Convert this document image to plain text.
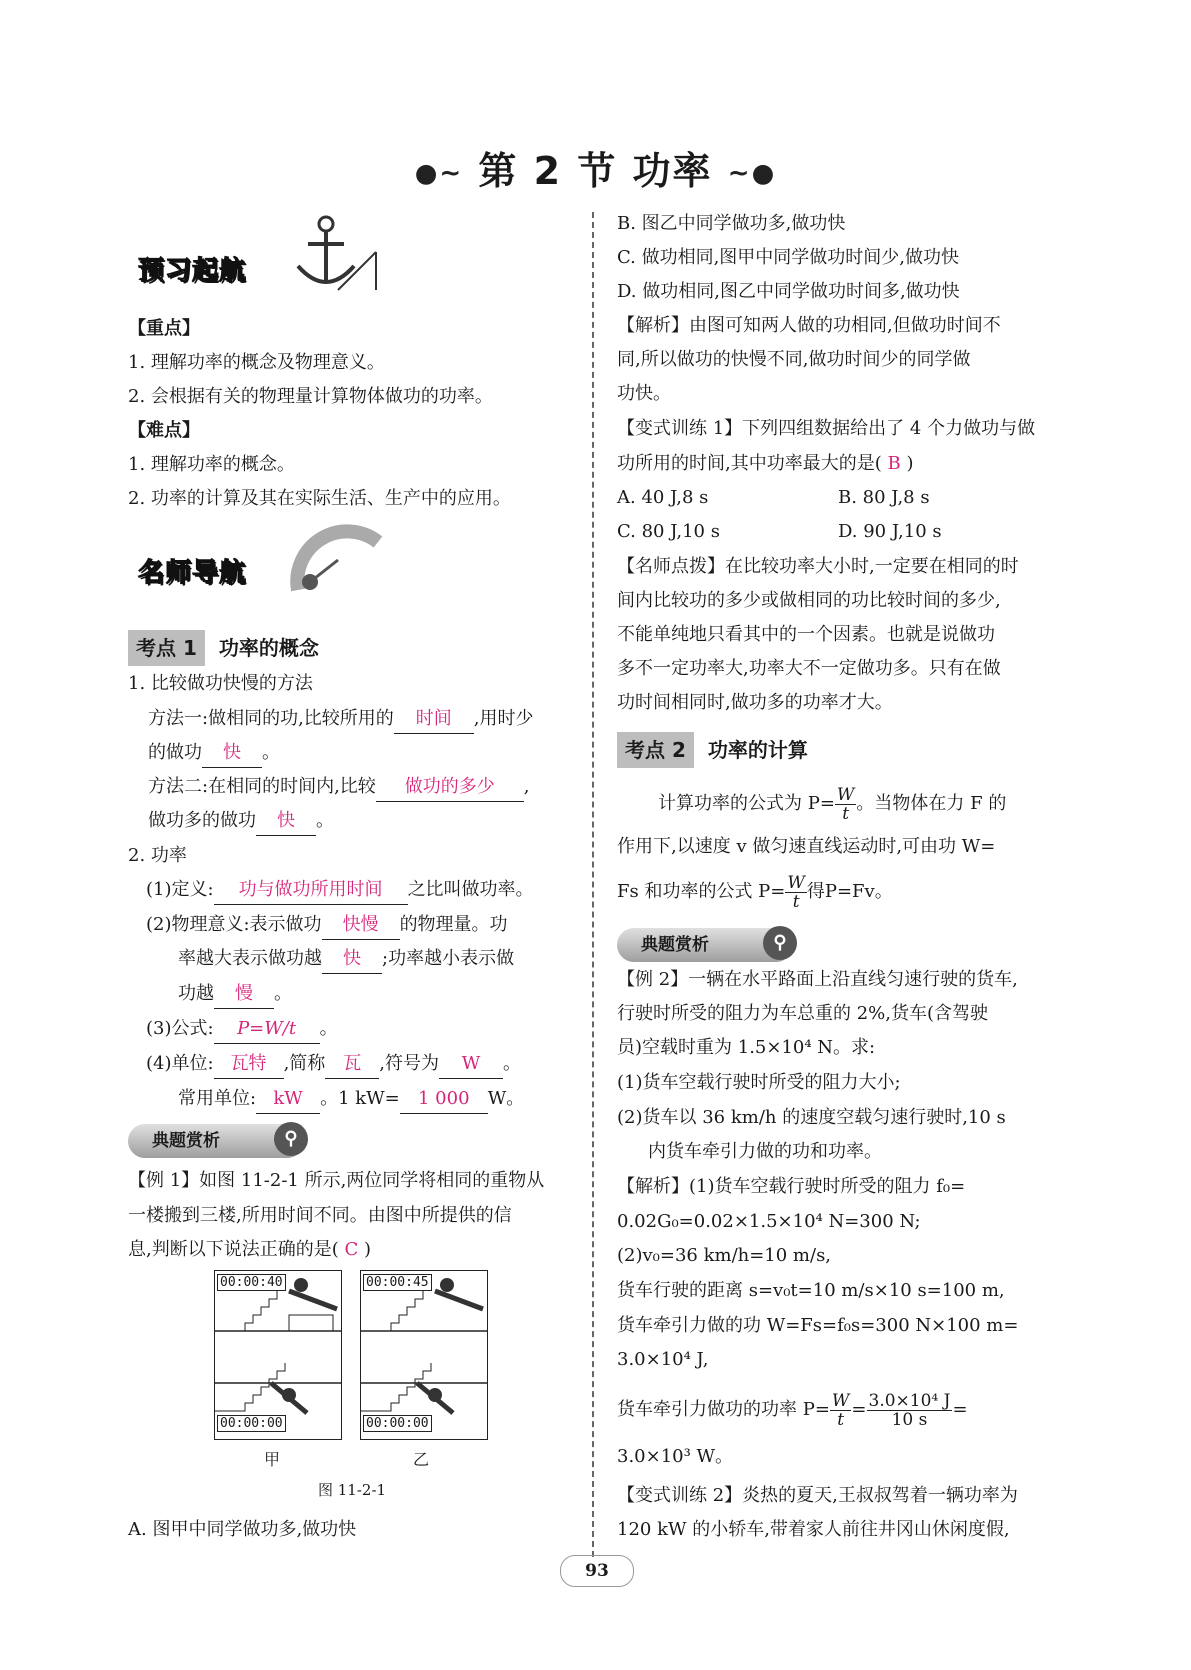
●~ 第 2 节 功率 ~●
预习起航
【重点】
1. 理解功率的概念及物理意义。
2. 会根据有关的物理量计算物体做功的功率。
【难点】
1. 理解功率的概念。
2. 功率的计算及其在实际生活、生产中的应用。
名师导航
考点 1 功率的概念
1. 比较做功快慢的方法
方法一:做相同的功,比较所用的 时间 ,用时少
的做功 快 。
方法二:在相同的时间内,比较 做功的多少 ,
做功多的做功 快 。
2. 功率
(1)定义: 功与做功所用时间 之比叫做功率。
(2)物理意义:表示做功 快慢 的物理量。功
率越大表示做功越 快 ;功率越小表示做
功越 慢 。
(3)公式: P=W/t 。
(4)单位: 瓦特 ,简称 瓦 ,符号为 W 。
常用单位: kW 。1 kW= 1 000 W。
典题赏析	⚲
【例 1】如图 11-2-1 所示,两位同学将相同的重物从
一楼搬到三楼,所用时间不同。由图中所提供的信
息,判断以下说法正确的是( C )
00:00:40
00:00:00
00:00:45
00:00:00
甲	乙
图 11-2-1
A. 图甲中同学做功多,做功快
B. 图乙中同学做功多,做功快
C. 做功相同,图甲中同学做功时间少,做功快
D. 做功相同,图乙中同学做功时间多,做功快
【解析】由图可知两人做的功相同,但做功时间不
同,所以做功的快慢不同,做功时间少的同学做
功快。
【变式训练 1】下列四组数据给出了 4 个力做功与做
功所用的时间,其中功率最大的是( B )
A. 40 J,8 s	B. 80 J,8 s
C. 80 J,10 s	D. 90 J,10 s
【名师点拨】在比较功率大小时,一定要在相同的时
间内比较功的多少或做相同的功比较时间的多少,
不能单纯地只看其中的一个因素。也就是说做功
多不一定功率大,功率大不一定做功多。只有在做
功时间相同时,做功多的功率才大。
考点 2 功率的计算
计算功率的公式为 $P= \frac{W}{t}$ 。当物体在力 F 的
作用下,以速度 v 做匀速直线运动时,可由功 W=
Fs 和功率的公式 $P= \frac{W}{t}$ 得P=Fv。
典题赏析	⚲
【例 2】一辆在水平路面上沿直线匀速行驶的货车,
行驶时所受的阻力为车总重的 2%,货车(含驾驶
员)空载时重为 1.5×10⁴ N。求:
(1)货车空载行驶时所受的阻力大小;
(2)货车以 36 km/h 的速度空载匀速行驶时,10 s
内货车牵引力做的功和功率。
【解析】(1)货车空载行驶时所受的阻力 f₀=
0.02G₀=0.02×1.5×10⁴ N=300 N;
(2)v₀=36 km/h=10 m/s,
货车行驶的距离 s=v₀t=10 m/s×10 s=100 m,
货车牵引力做的功 W=Fs=f₀s=300 N×100 m=
3.0×10⁴ J,
货车牵引力做功的功率 $P= \frac{W}{t} = \frac{\text{3.0×10⁴ J}}{10 s}$ =
3.0×10³ W。
【变式训练 2】炎热的夏天,王叔叔驾着一辆功率为
120 kW 的小轿车,带着家人前往井冈山休闲度假,
93
